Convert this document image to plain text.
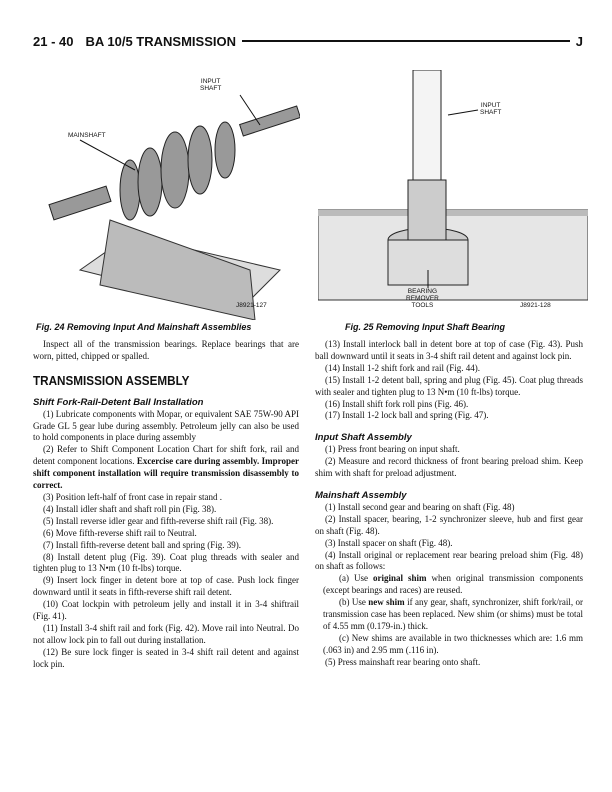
21 - 40 BA 10/5 TRANSMISSION	J
INPUT
SHAFT
MAINSHAFT
J8921-127
Fig. 24 Removing Input And Mainshaft Assemblies
INPUT
SHAFT
BEARING
REMOVER
TOOLS	J8921-128
Fig. 25 Removing Input Shaft Bearing

Inspect all of the transmission bearings. Replace bearings that are worn, pitted, chipped or spalled.

TRANSMISSION ASSEMBLY
Shift Fork-Rail-Detent Ball Installation

(1) Lubricate components with Mopar, or equivalent SAE 75W-90 API Grade GL 5 gear lube during assembly. Petroleum jelly can also be used to hold components in place during assembly

(2) Refer to Shift Component Location Chart for shift fork, rail and detent component locations. Excercise care during assembly. Improper shift component installation will require transmission disassembly to correct.

(3) Position left-half of front case in repair stand .

(4) Install idler shaft and shaft roll pin (Fig. 38).

(5) Install reverse idler gear and fifth-reverse shift rail (Fig. 38).

(6) Move fifth-reverse shift rail to Neutral.

(7) Install fifth-reverse detent ball and spring (Fig. 39).

(8) Install detent plug (Fig. 39). Coat plug threads with sealer and tighten plug to 13 N•m (10 ft-lbs) torque.

(9) Insert lock finger in detent bore at top of case. Push lock finger downward until it seats in fifth-reverse shift rail detent.

(10) Coat lockpin with petroleum jelly and install it in 3-4 shiftrail (Fig. 41).

(11) Install 3-4 shift rail and fork (Fig. 42). Move rail into Neutral. Do not allow lock pin to fall out during installation.

(12) Be sure lock finger is seated in 3-4 shift rail detent and against lock pin.

(13) Install interlock ball in detent bore at top of case (Fig. 43). Push ball downward until it seats in 3-4 shift rail detent and against lock pin.

(14) Install 1-2 shift fork and rail (Fig. 44).

(15) Install 1-2 detent ball, spring and plug (Fig. 45). Coat plug threads with sealer and tighten plug to 13 N•m (10 ft-lbs) torque.

(16) Install shift fork roll pins (Fig. 46).

(17) Install 1-2 lock ball and spring (Fig. 47).

Input Shaft Assembly

(1) Press front bearing on input shaft.

(2) Measure and record thickness of front bearing preload shim. Keep shim with shaft for preload adjustment.

Mainshaft Assembly

(1) Install second gear and bearing on shaft (Fig. 48)

(2) Install spacer, bearing, 1-2 synchronizer sleeve, hub and first gear on shaft (Fig. 48).

(3) Install spacer on shaft (Fig. 48).

(4) Install original or replacement rear bearing preload shim (Fig. 48) on shaft as follows:

(a) Use original shim when original transmission components (except bearings and races) are reused.

(b) Use new shim if any gear, shaft, synchronizer, shift fork/rail, or transmission case has been replaced. New shim (or shims) must be total of 4.55 mm (0.179-in.) thick.

(c) New shims are available in two thicknesses which are: 1.6 mm (.063 in) and 2.95 mm (.116 in).

(5) Press mainshaft rear bearing onto shaft.
